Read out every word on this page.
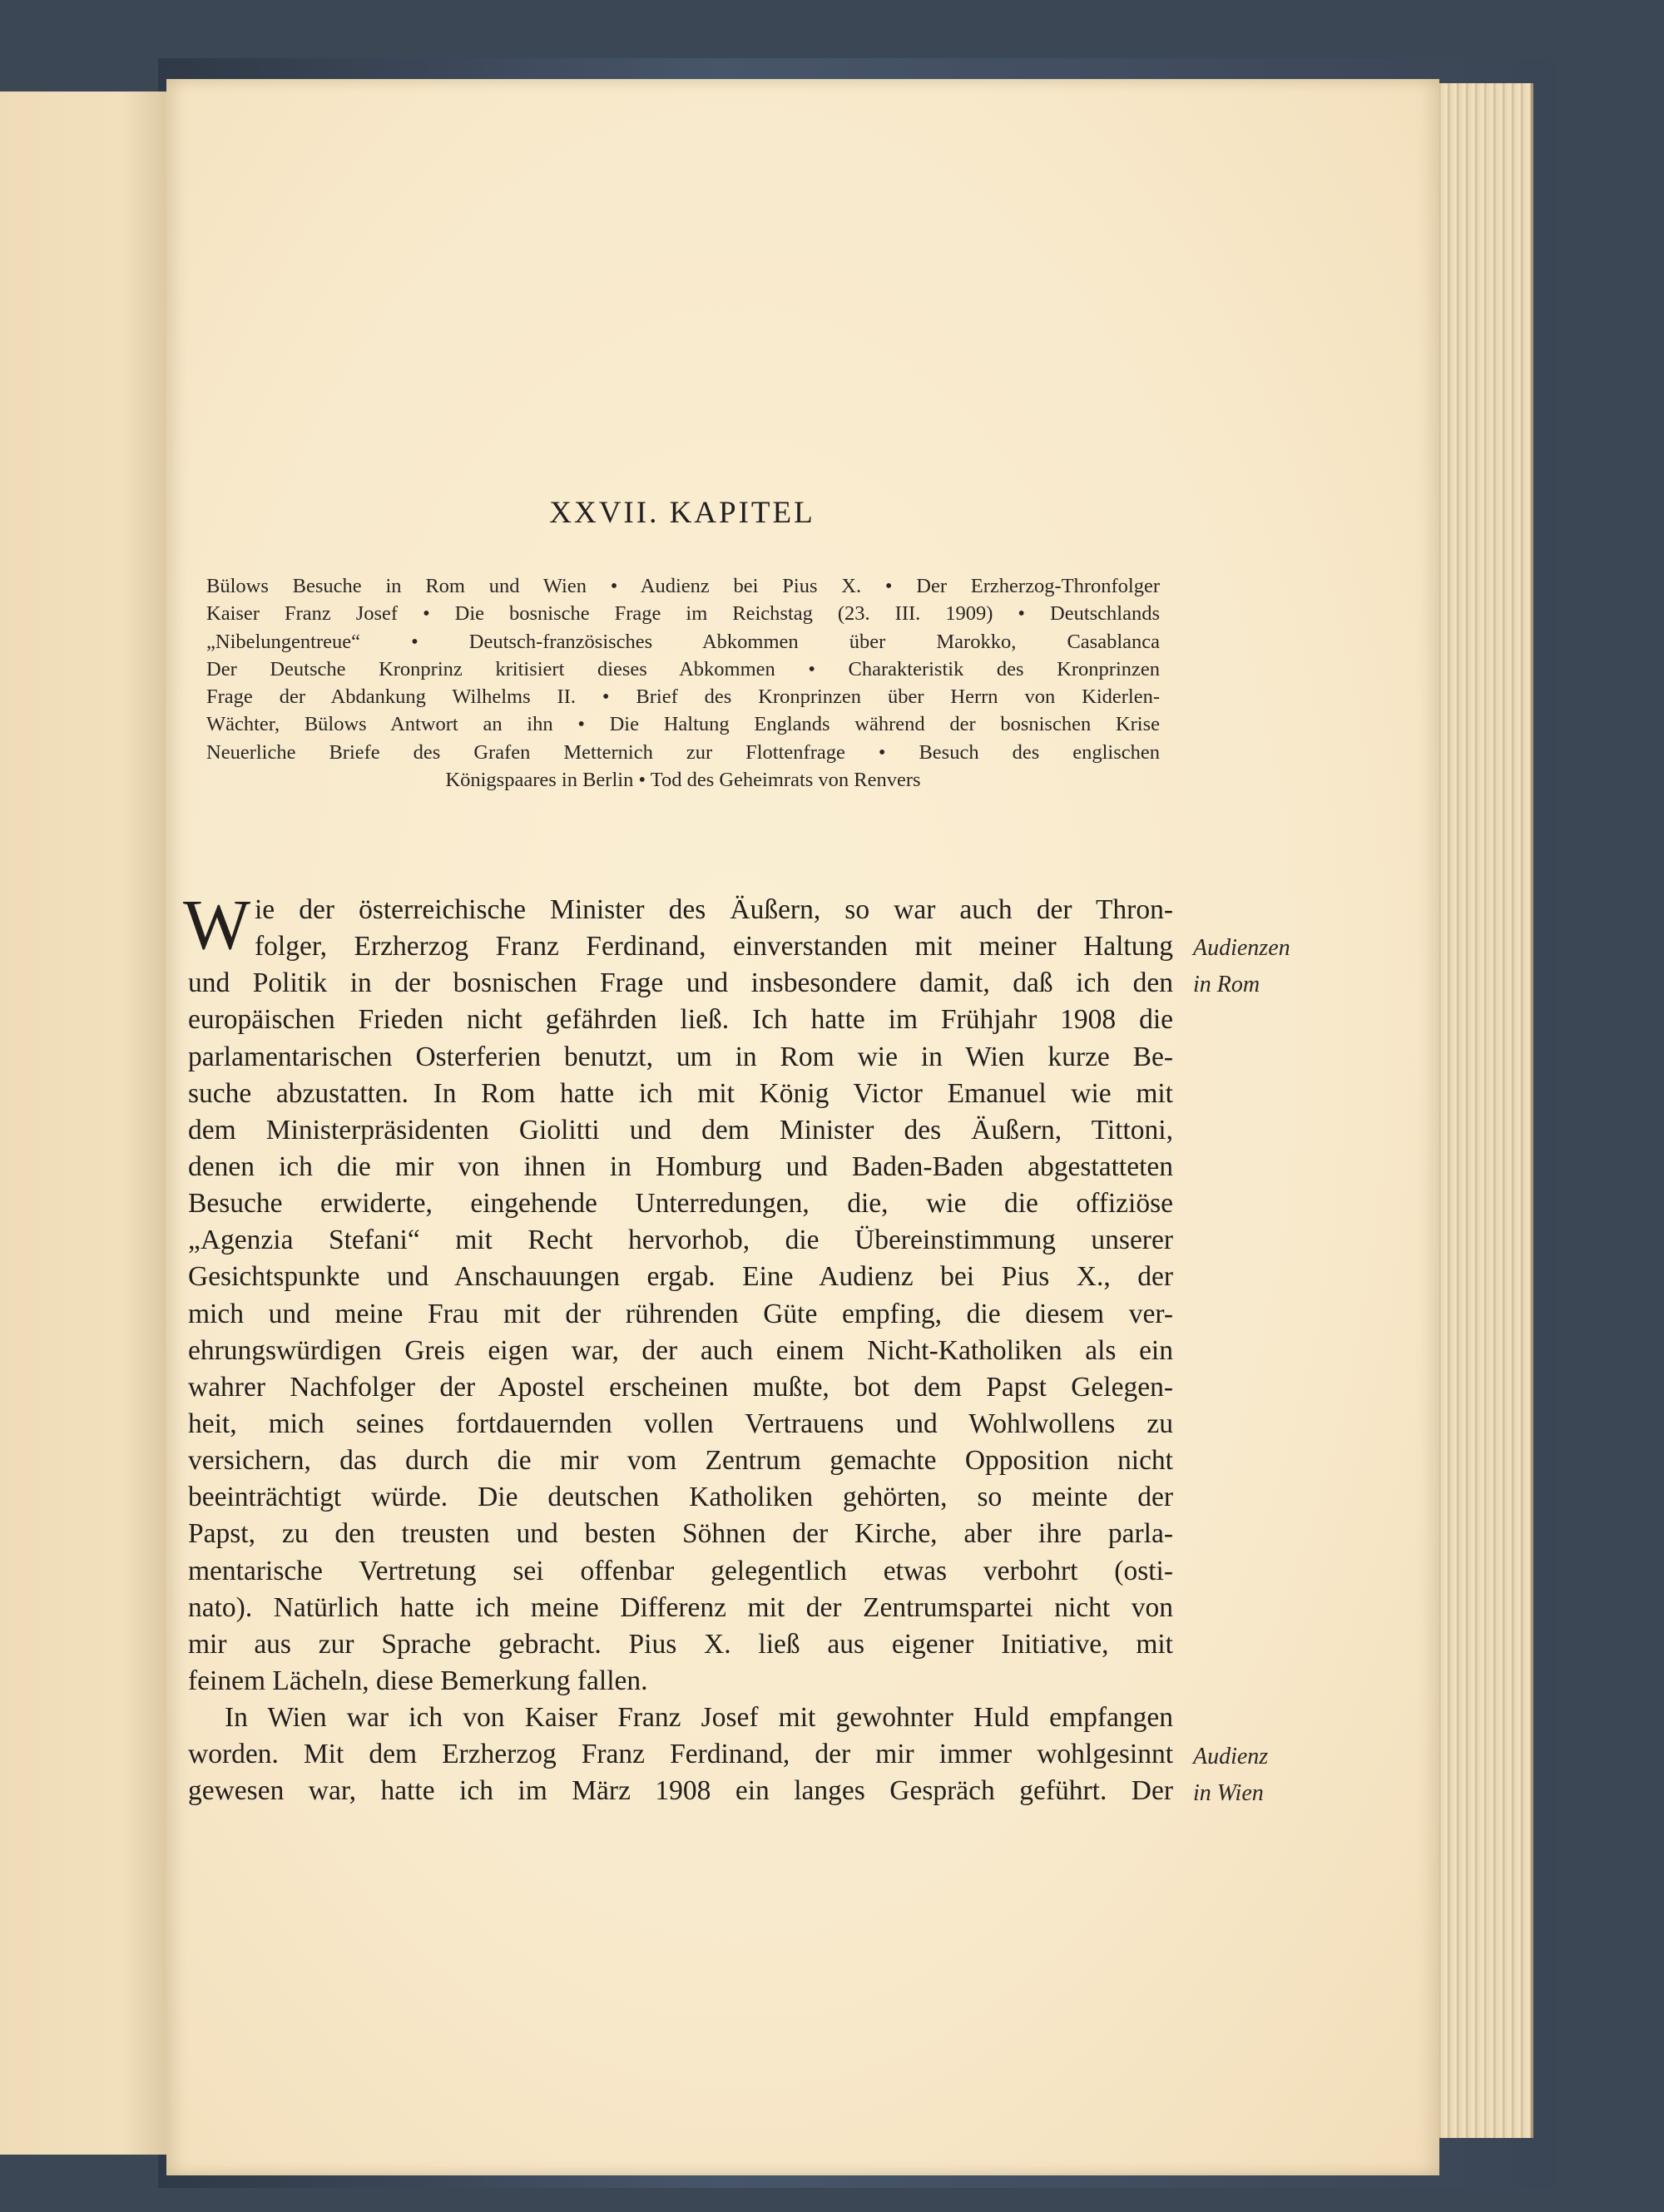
XXVII. KAPITEL
Bülows Besuche in Rom und Wien • Audienz bei Pius X. • Der Erzherzog-Thronfolger
Kaiser Franz Josef • Die bosnische Frage im Reichstag (23. III. 1909) • Deutschlands
„Nibelungentreue“ • Deutsch-französisches Abkommen über Marokko, Casablanca
Der Deutsche Kronprinz kritisiert dieses Abkommen • Charakteristik des Kronprinzen
Frage der Abdankung Wilhelms II. • Brief des Kronprinzen über Herrn von Kiderlen-
Wächter, Bülows Antwort an ihn • Die Haltung Englands während der bosnischen Krise
Neuerliche Briefe des Grafen Metternich zur Flottenfrage • Besuch des englischen
Königspaares in Berlin • Tod des Geheimrats von Renvers
W ie der österreichische Minister des Äußern, so war auch der Thron-
folger, Erzherzog Franz Ferdinand, einverstanden mit meiner Haltung
und Politik in der bosnischen Frage und insbesondere damit, daß ich den
europäischen Frieden nicht gefährden ließ. Ich hatte im Frühjahr 1908 die
parlamentarischen Osterferien benutzt, um in Rom wie in Wien kurze Be-
suche abzustatten. In Rom hatte ich mit König Victor Emanuel wie mit
dem Ministerpräsidenten Giolitti und dem Minister des Äußern, Tittoni,
denen ich die mir von ihnen in Homburg und Baden-Baden abgestatteten
Besuche erwiderte, eingehende Unterredungen, die, wie die offiziöse
„Agenzia Stefani“ mit Recht hervorhob, die Übereinstimmung unserer
Gesichtspunkte und Anschauungen ergab. Eine Audienz bei Pius X., der
mich und meine Frau mit der rührenden Güte empfing, die diesem ver-
ehrungswürdigen Greis eigen war, der auch einem Nicht-Katholiken als ein
wahrer Nachfolger der Apostel erscheinen mußte, bot dem Papst Gelegen-
heit, mich seines fortdauernden vollen Vertrauens und Wohlwollens zu
versichern, das durch die mir vom Zentrum gemachte Opposition nicht
beeinträchtigt würde. Die deutschen Katholiken gehörten, so meinte der
Papst, zu den treusten und besten Söhnen der Kirche, aber ihre parla-
mentarische Vertretung sei offenbar gelegentlich etwas verbohrt (osti-
nato). Natürlich hatte ich meine Differenz mit der Zentrumspartei nicht von
mir aus zur Sprache gebracht. Pius X. ließ aus eigener Initiative, mit
feinem Lächeln, diese Bemerkung fallen.
In Wien war ich von Kaiser Franz Josef mit gewohnter Huld empfangen
worden. Mit dem Erzherzog Franz Ferdinand, der mir immer wohlgesinnt
gewesen war, hatte ich im März 1908 ein langes Gespräch geführt. Der
Audienzen
in Rom
Audienz
in Wien
